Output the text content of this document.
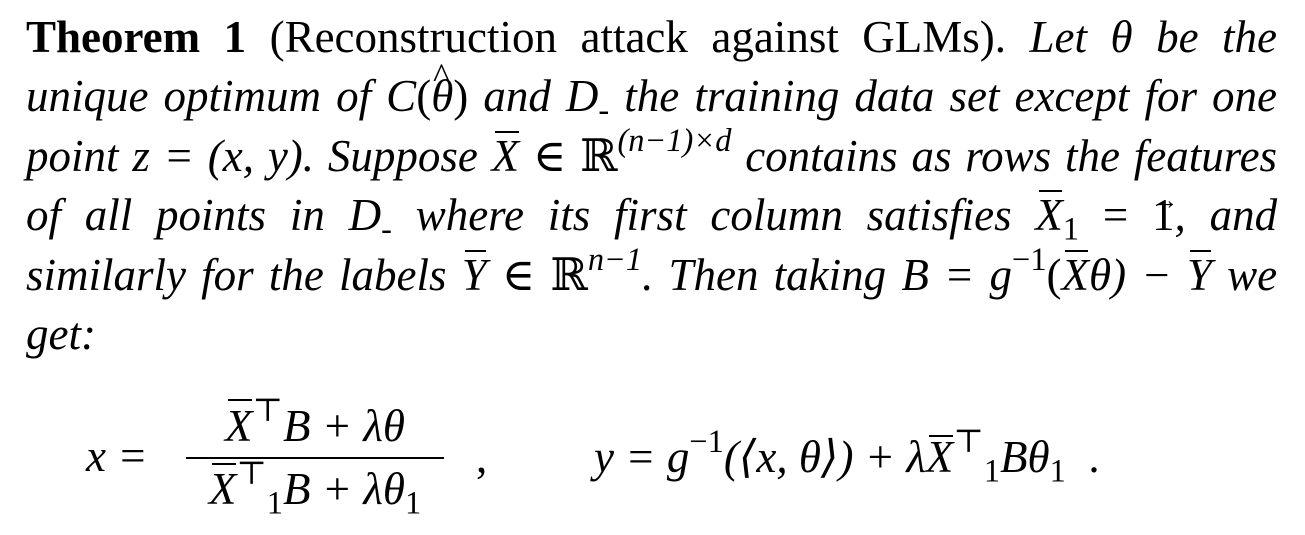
Theorem 1 (Reconstruction attack against GLMs). Let θ be the unique optimum of C(^ θ) and $D_-$ the training data set except for one point z = (x, y). Suppose X ∈ ℝ$^{(n-1)\times d}$ contains as rows the features of all points in $D_-$ where its first column satisfies $X_1$ = → 1, and similarly for the labels Y ∈ ℝ$^{n-1}$. Then taking $B = g^{-1}(X\theta) - Y$ we get:

x =
X⊤B + λθ
$X^⊤_1B + \lambda\theta_1$
, $y = g^{-1}(⟨x$, θ⟩) + $\lambda X^⊤_1B\theta_1$ .
